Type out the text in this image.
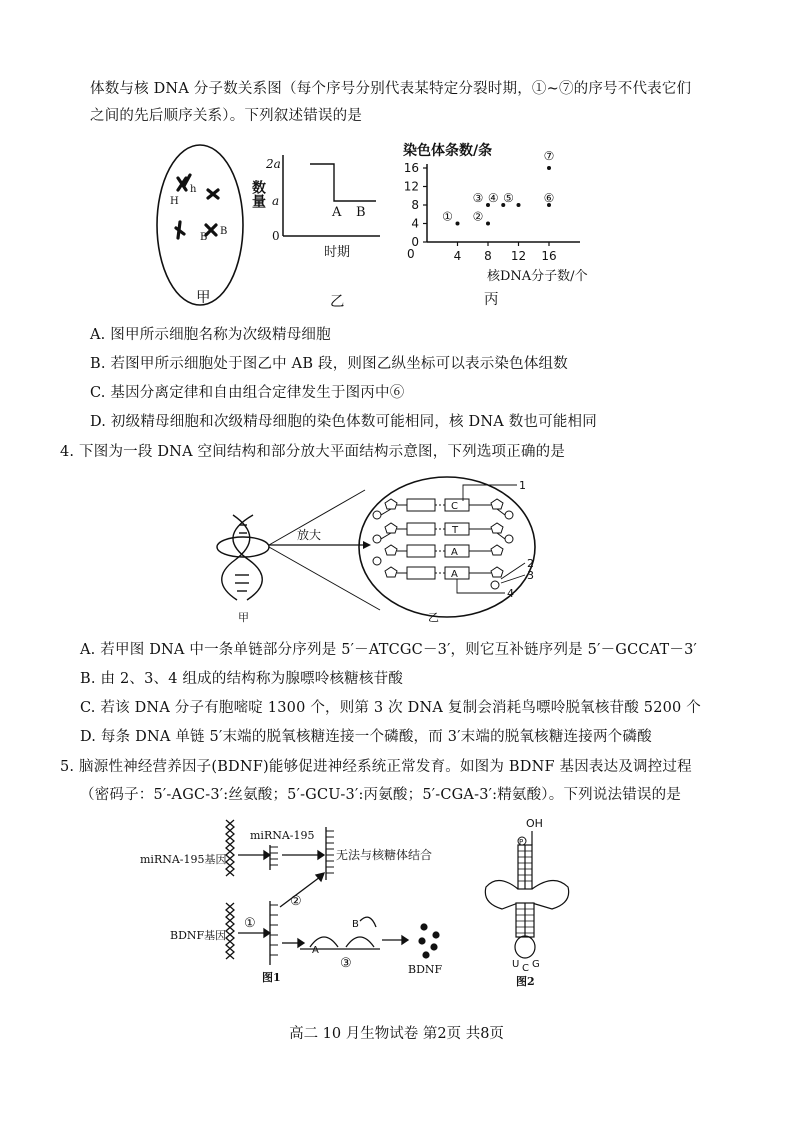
体数与核 DNA 分子数关系图（每个序号分别代表某特定分裂时期，①~⑦的序号不代表它们
之间的先后顺序关系）。下列叙述错误的是
H
h
B
B
甲
2a
a
0
A B
数量
时期
乙
染色体条数/条
0
4
8
12
16
4 8 12 16
① ②
③ ④ ⑤ ⑥
⑦
0
核DNA分子数/个
丙
A. 图甲所示细胞名称为次级精母细胞
B. 若图甲所示细胞处于图乙中 AB 段，则图乙纵坐标可以表示染色体组数
C. 基因分离定律和自由组合定律发生于图丙中⑥
D. 初级精母细胞和次级精母细胞的染色体数可能相同，核 DNA 数也可能相同
4. 下图为一段 DNA 空间结构和部分放大平面结构示意图，下列选项正确的是
放大
C
T
A
A
1
2
3
4
甲	乙
A. 若甲图 DNA 中一条单链部分序列是 5′－ATCGC－3′，则它互补链序列是 5′－GCCAT－3′
B. 由 2、3、4 组成的结构称为腺嘌呤核糖核苷酸
C. 若该 DNA 分子有胞嘧啶 1300 个，则第 3 次 DNA 复制会消耗鸟嘌呤脱氧核苷酸 5200 个
D. 每条 DNA 单链 5′末端的脱氧核糖连接一个磷酸，而 3′末端的脱氧核糖连接两个磷酸
5. 脑源性神经营养因子(BDNF)能够促进神经系统正常发育。如图为 BDNF 基因表达及调控过程
（密码子：5′-AGC-3′:丝氨酸；5′-GCU-3′:丙氨酸；5′-CGA-3′:精氨酸）。下列说法错误的是
miRNA-195基因
miRNA-195
无法与核糖体结合
BDNF基因
①
②
③
A
B
BDNF
图1
OH
P
U C G
图2
高二 10 月生物试卷 第2页 共8页
